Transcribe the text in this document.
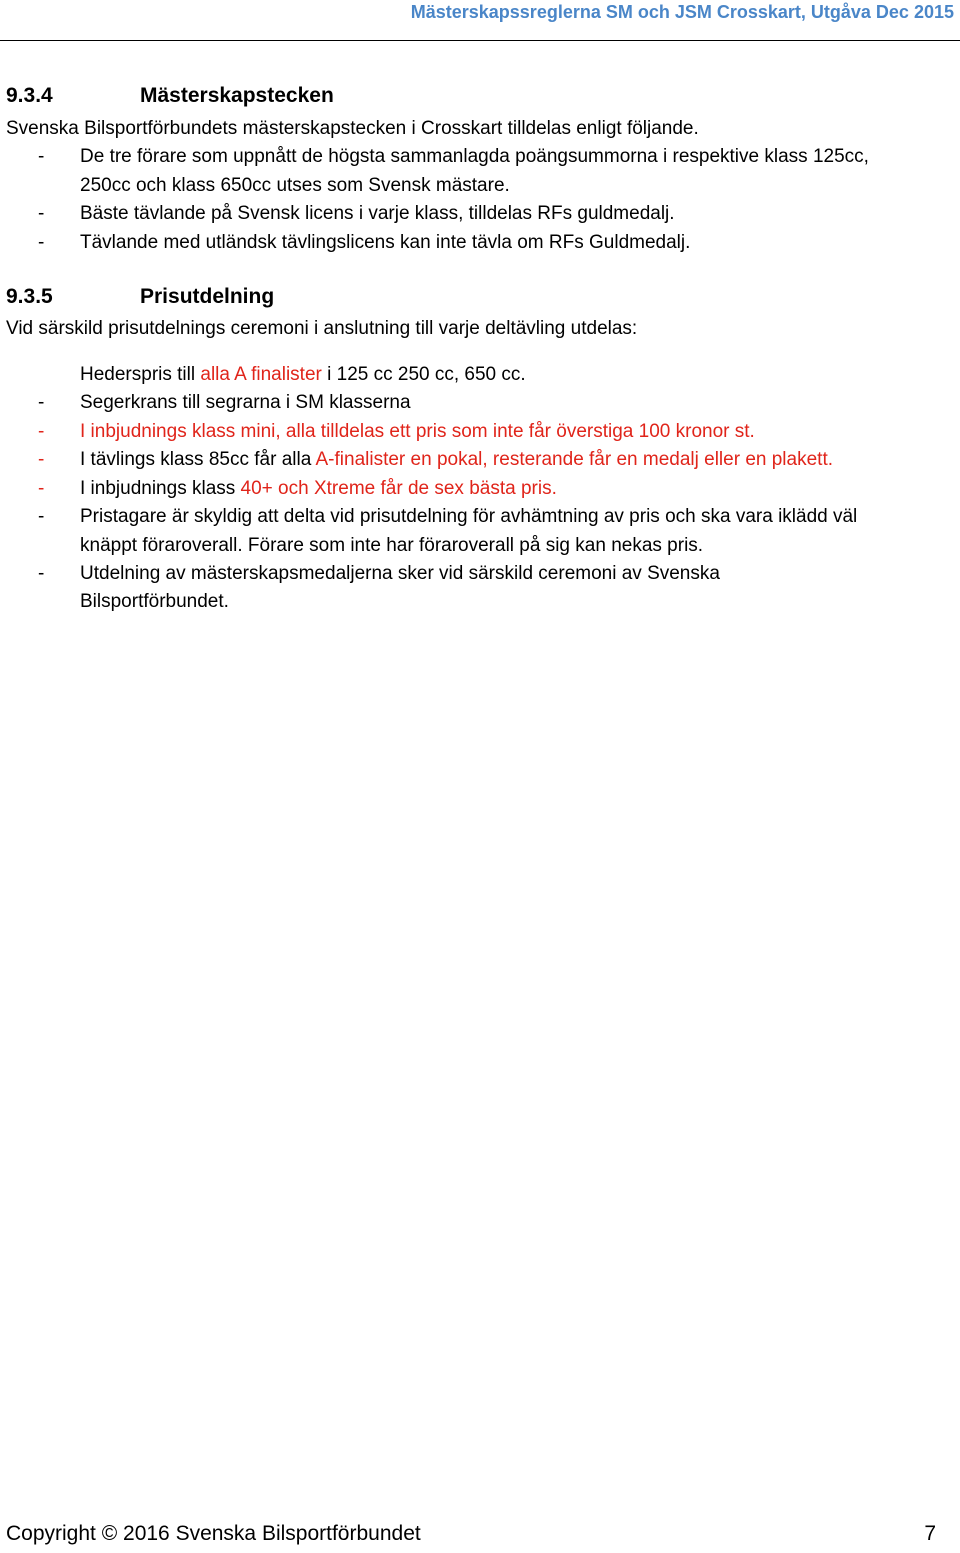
Mästerskapssreglerna SM och JSM Crosskart, Utgåva Dec 2015
9.3.4	Mästerskapstecken
Svenska Bilsportförbundets mästerskapstecken i Crosskart tilldelas enligt följande.
- De tre förare som uppnått de högsta sammanlagda poängsummorna i respektive klass 125cc,
250cc och klass 650cc utses som Svensk mästare.
- Bäste tävlande på Svensk licens i varje klass, tilldelas RFs guldmedalj.
- Tävlande med utländsk tävlingslicens kan inte tävla om RFs Guldmedalj.
9.3.5	Prisutdelning
Vid särskild prisutdelnings ceremoni i anslutning till varje deltävling utdelas:
Hederspris till alla A finalister i 125 cc 250 cc, 650 cc.
- Segerkrans till segrarna i SM klasserna
- I inbjudnings klass mini, alla tilldelas ett pris som inte får överstiga 100 kronor st.
- I tävlings klass 85cc får alla A-finalister en pokal, resterande får en medalj eller en plakett.
- I inbjudnings klass 40+ och Xtreme får de sex bästa pris.
- Pristagare är skyldig att delta vid prisutdelning för avhämtning av pris och ska vara iklädd väl
knäppt föraroverall. Förare som inte har föraroverall på sig kan nekas pris.
- Utdelning av mästerskapsmedaljerna sker vid särskild ceremoni av Svenska
Bilsportförbundet.
Copyright © 2016 Svenska Bilsportförbundet	7
